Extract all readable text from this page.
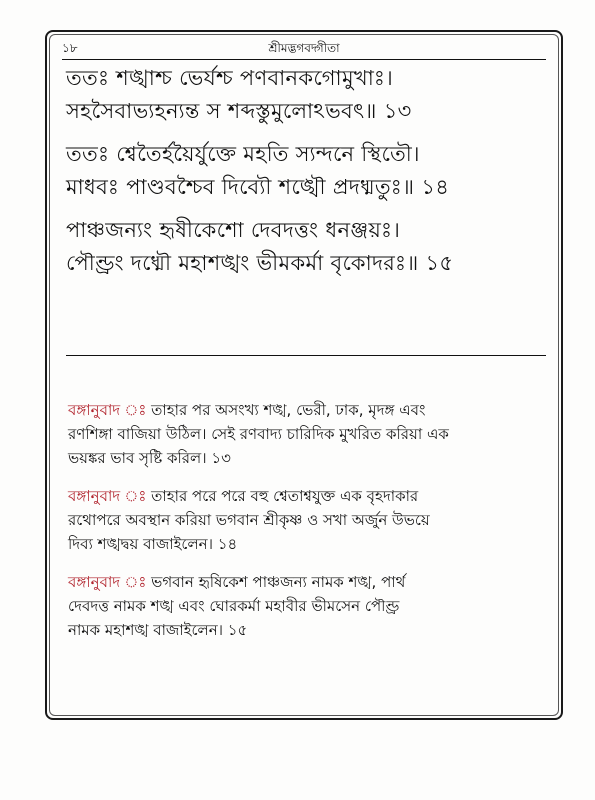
১৮	শ্রীমদ্ভগবদ্গীতা
ততঃ শঙ্খাশ্চ ভের্যশ্চ পণবানকগোমুখাঃ।
সহসৈবাভ্যহন্যন্ত স শব্দস্তুমুলোঽভবৎ॥ ১৩
ততঃ শ্বেতৈর্হয়ৈর্যুক্তে মহতি স্যন্দনে স্থিতৌ।
মাধবঃ পাণ্ডবশ্চৈব দিব্যৌ শঙ্খৌ প্রদধ্মতুঃ॥ ১৪
পাঞ্চজন্যং হৃষীকেশো দেবদত্তং ধনঞ্জয়ঃ।
পৌণ্ড্রং দধ্মৌ মহাশঙ্খং ভীমকর্মা বৃকোদরঃ॥ ১৫
বঙ্গানুবাদ ঃ তাহার পর অসংখ্য শঙ্খ, ভেরী, ঢাক, মৃদঙ্গ এবং
রণশিঙ্গা বাজিয়া উঠিল। সেই রণবাদ্য চারিদিক মুখরিত করিয়া এক
ভয়ঙ্কর ভাব সৃষ্টি করিল। ১৩
বঙ্গানুবাদ ঃ তাহার পরে পরে বহু শ্বেতাশ্বযুক্ত এক বৃহদাকার
রথোপরে অবস্থান করিয়া ভগবান শ্রীকৃষ্ণ ও সখা অর্জুন উভয়ে
দিব্য শঙ্খদ্বয় বাজাইলেন। ১৪
বঙ্গানুবাদ ঃ ভগবান হৃষিকেশ পাঞ্চজন্য নামক শঙ্খ, পার্থ
দেবদত্ত নামক শঙ্খ এবং ঘোরকর্মা মহাবীর ভীমসেন পৌণ্ড্র
নামক মহাশঙ্খ বাজাইলেন। ১৫
